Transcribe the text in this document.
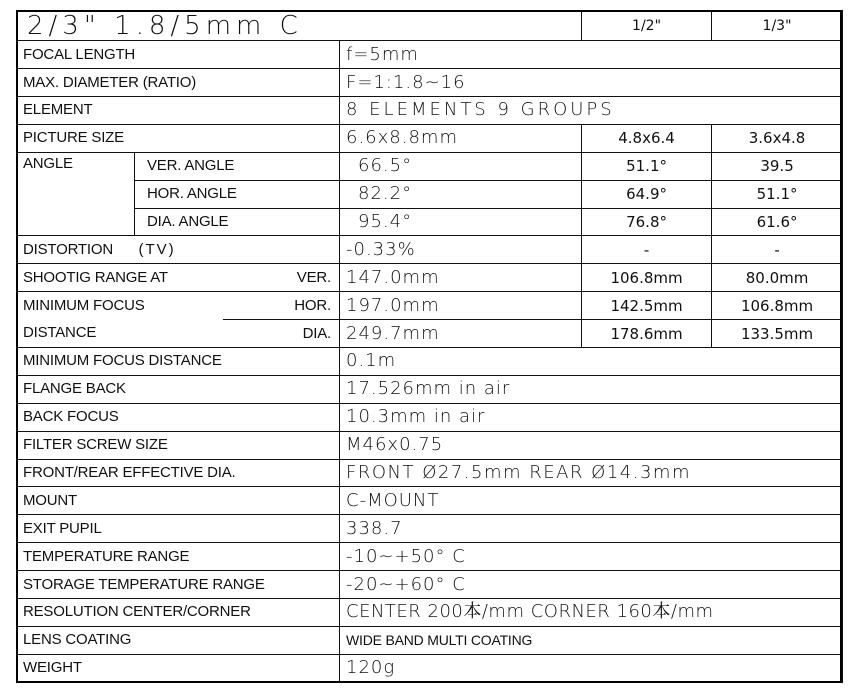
2/3" 1.8/5mm C				1/2"	1/3"
FOCAL LENGTH			f=5mm		
MAX. DIAMETER (RATIO)			F=1:1.8~16		
ELEMENT			8 ELEMENTS 9 GROUPS		
PICTURE SIZE			6.6x8.8mm	4.8x6.4	3.6x4.8
ANGLE	VER. ANGLE		66.5°	51.1°	39.5
	HOR. ANGLE		82.2°	64.9°	51.1°
	DIA. ANGLE		95.4°	76.8°	61.6°
DISTORTION	(TV)		-0.33%	-	-
SHOOTIG RANGE AT		VER.	147.0mm	106.8mm	80.0mm
MINIMUM FOCUS		HOR.	197.0mm	142.5mm	106.8mm
DISTANCE		DIA.	249.7mm	178.6mm	133.5mm
MINIMUM FOCUS DISTANCE			0.1m		
FLANGE BACK			17.526mm in air		
BACK FOCUS			10.3mm in air		
FILTER SCREW SIZE			M46x0.75		
FRONT/REAR EFFECTIVE DIA.			FRONT Ø27.5mm REAR Ø14.3mm		
MOUNT			C-MOUNT		
EXIT PUPIL			338.7		
TEMPERATURE RANGE			-10~+50° C		
STORAGE TEMPERATURE RANGE			-20~+60° C		
RESOLUTION CENTER/CORNER			CENTER 200本/mm CORNER 160本/mm		
LENS COATING			WIDE BAND MULTI COATING		
WEIGHT			120g		
